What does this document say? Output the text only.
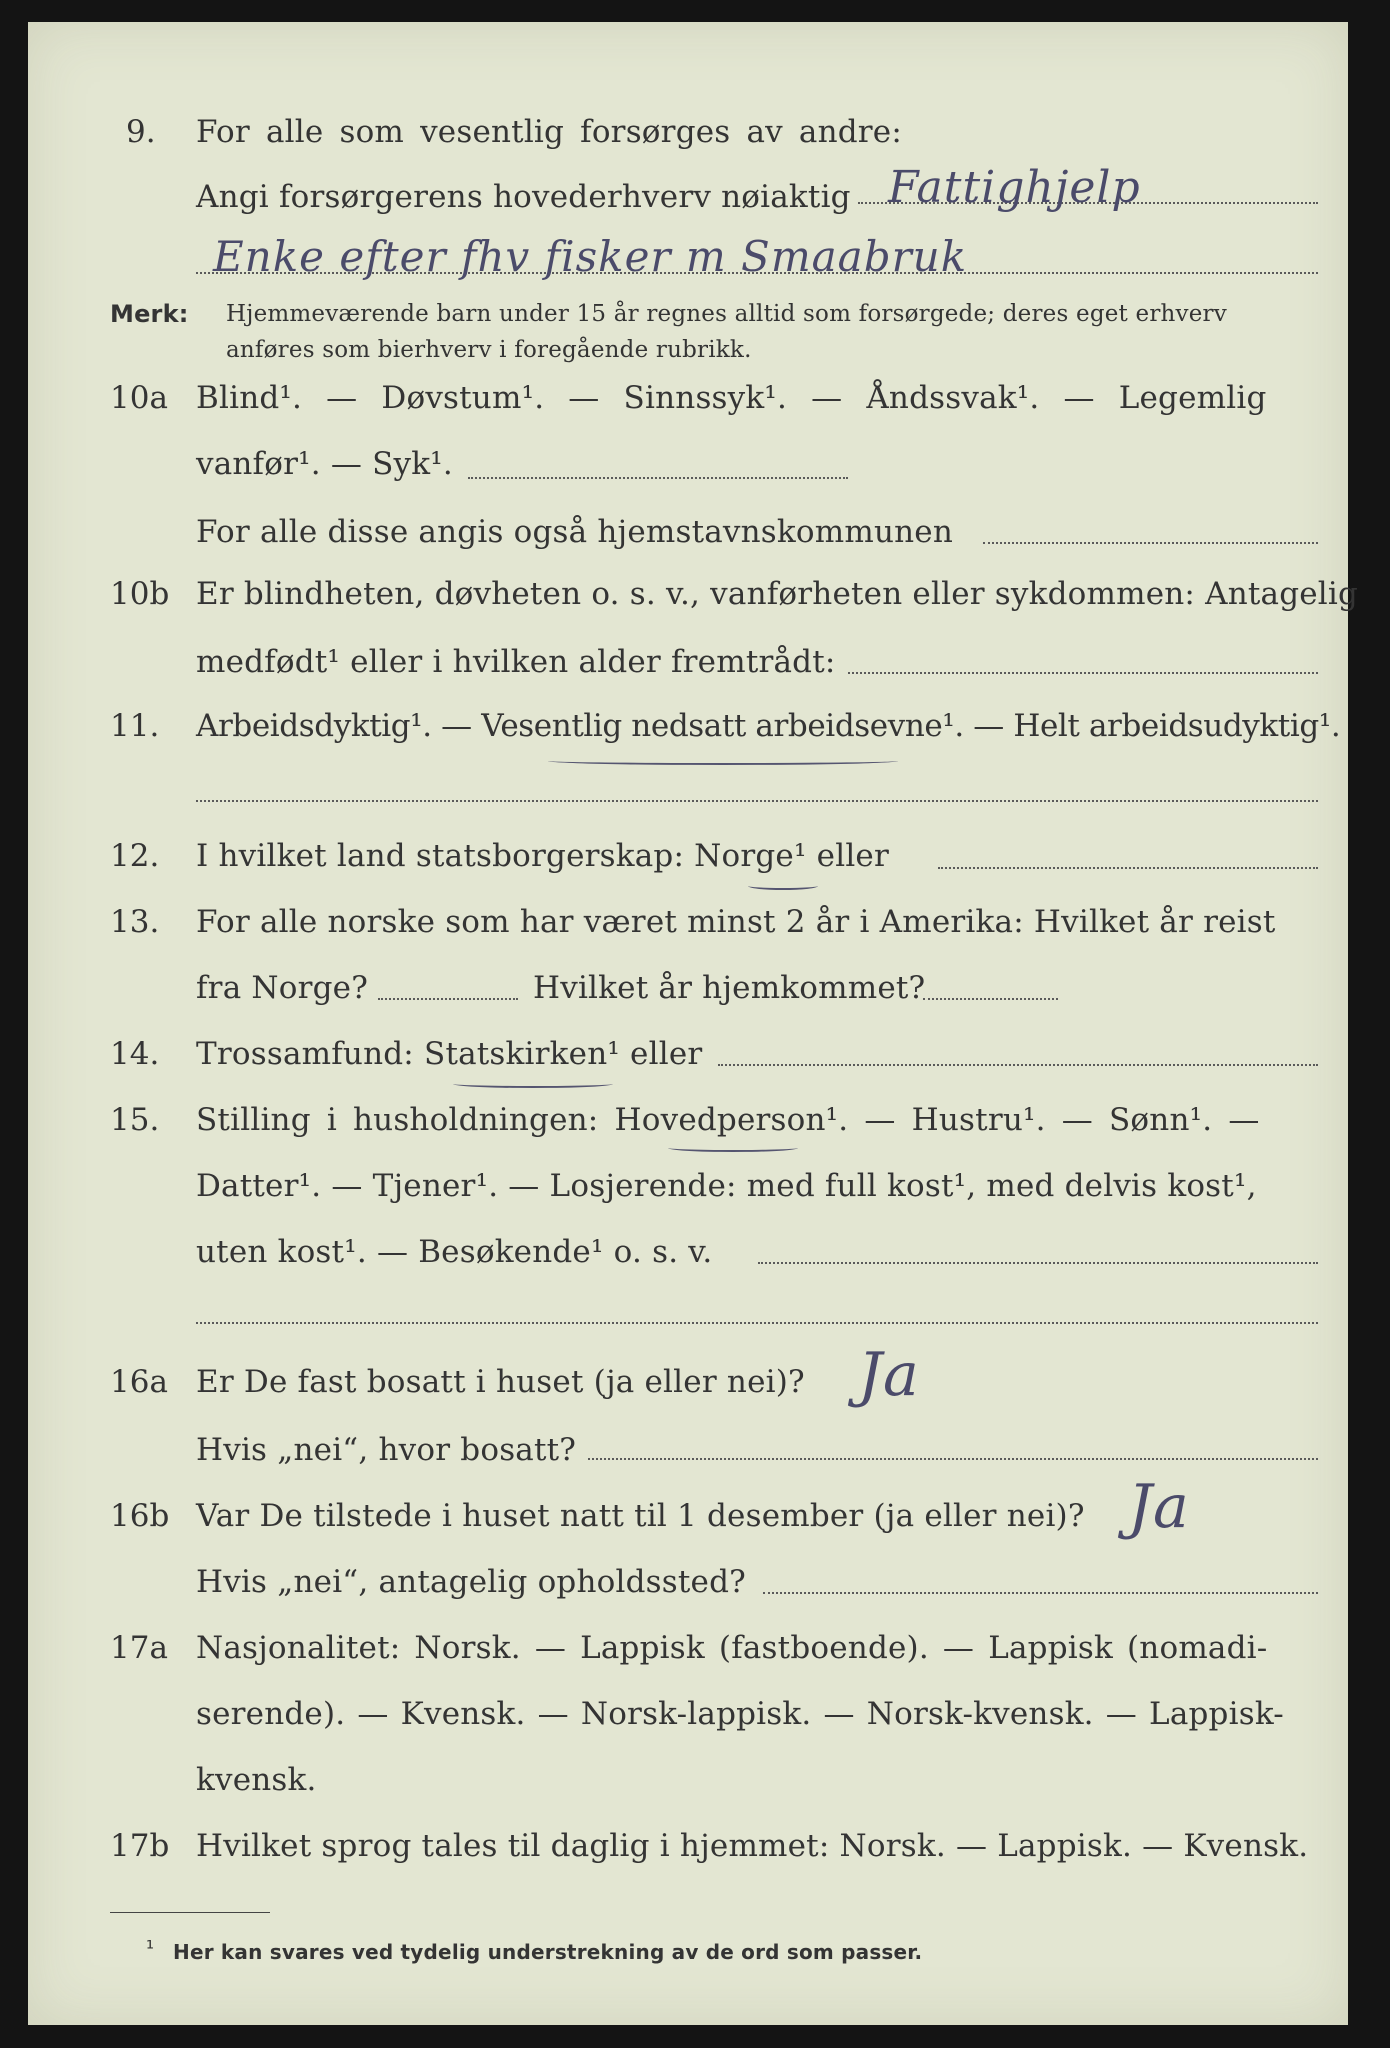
9. For alle som vesentlig forsørges av andre:
Angi forsørgerens hovederhverv nøiaktig Fattighjelp
Enke efter fhv fisker m Smaabruk
Merk: Hjemmeværende barn under 15 år regnes alltid som forsørgede; deres eget erhverv
anføres som bierhverv i foregående rubrikk.
10a Blind¹. — Døvstum¹. — Sinnssyk¹. — Åndssvak¹. — Legemlig
vanfør¹. — Syk¹.
For alle disse angis også hjemstavnskommunen
10b Er blindheten, døvheten o. s. v., vanførheten eller sykdommen: Antagelig
medfødt¹ eller i hvilken alder fremtrådt:
11. Arbeidsdyktig¹. — Vesentlig nedsatt arbeidsevne¹. — Helt arbeidsudyktig¹.
12. I hvilket land statsborgerskap: Norge¹ eller
13. For alle norske som har været minst 2 år i Amerika: Hvilket år reist
fra Norge?	Hvilket år hjemkommet?
14. Trossamfund: Statskirken¹ eller
15. Stilling i husholdningen: Hovedperson¹. — Hustru¹. — Sønn¹. —
Datter¹. — Tjener¹. — Losjerende: med full kost¹, med delvis kost¹,
uten kost¹. — Besøkende¹ o. s. v.
16a Er De fast bosatt i huset (ja eller nei)? Ja
Hvis „nei“, hvor bosatt?
16b Var De tilstede i huset natt til 1 desember (ja eller nei)? Ja
Hvis „nei“, antagelig opholdssted?
17a Nasjonalitet: Norsk. — Lappisk (fastboende). — Lappisk (nomadi-
serende). — Kvensk. — Norsk-lappisk. — Norsk-kvensk. — Lappisk-
kvensk.
17b Hvilket sprog tales til daglig i hjemmet: Norsk. — Lappisk. — Kvensk.
¹ Her kan svares ved tydelig understrekning av de ord som passer.
